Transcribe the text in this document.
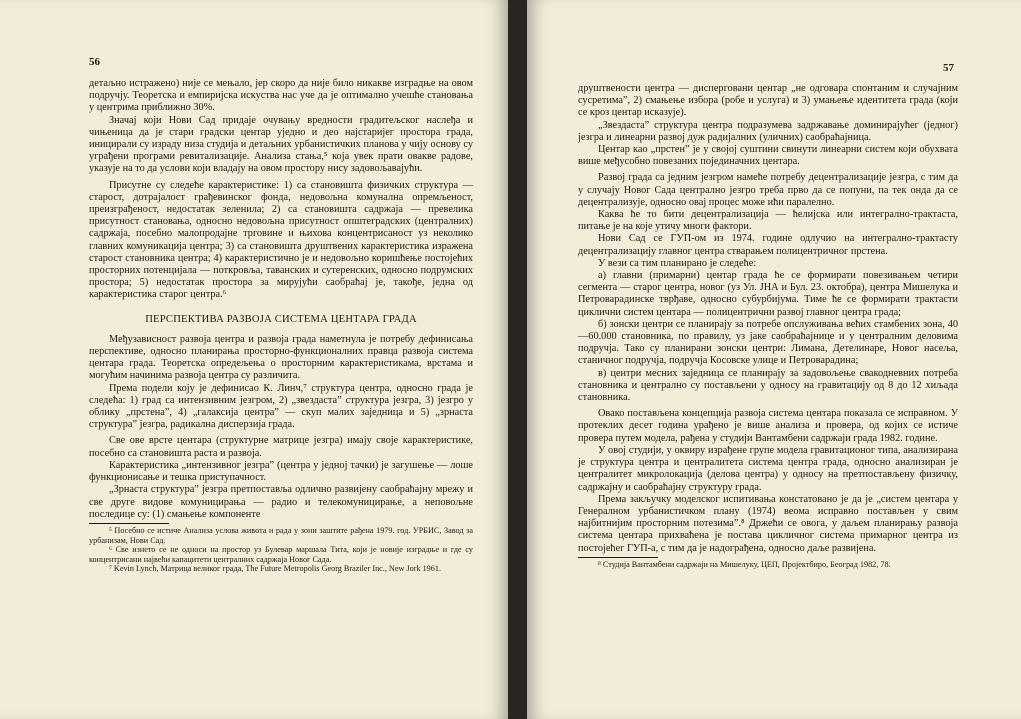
56

детаљно истражено) није се мењало, јер скоро да није било никакве изградње на овом подручју. Теоретска и емпиријска искуства нас уче да је оптимално учешће становања у центрима приближно 30%.

Значај који Нови Сад придаје очувању вредности градитељског наслеђа и чињеница да је стари градски центар уједно и део најстаријег простора града, иницирали су израду низа студија и детаљних урбанистичких планова у чију основу су уграђени програми ревитализације. Анализа стања,⁵ која увек прати овакве радове, указује на то да услови који владају на овом простору нису задовољавајући.

Присутне су следеће карактеристике: 1) са становишта физичких структура — старост, дотрајалост грађевинског фонда, недовољна комунална опремљеност, преизграђеност, недостатак зеленила; 2) са становишта садржаја — превелика присутност становања, односно недовољна присутност општеградских (централних) садржаја, посебно малопродајне трговине и њихова концентрисаност уз неколико главних комуникација центра; 3) са становишта друштвених карактеристика изражена старост становника центра; 4) карактеристично је и недовољно коришћење постојећих просторних потенцијала — поткровља, таванских и сутеренских, односно подрумских простора; 5) недостатак простора за мирујући саобраћај је, такође, једна од карактеристика старог центра.⁶

ПЕРСПЕКТИВА РАЗВОЈА СИСТЕМА ЦЕНТАРА ГРАДА

Међузависност развоја центра и развоја града наметнула је потребу дефинисања перспективе, односно планирања просторно-функционалних правца развоја система центара града. Теоретска опредељења о просторним карактеристикама, врстама и могућим начинима развоја центра су различита.

Према подели коју је дефинисао К. Линч,⁷ структура центра, односно града је следећа: 1) град са интензивним језгром, 2) „звездаста” структура језгра, 3) језгро у облику „прстена”, 4) „галаксија центра” — скуп малих заједница и 5) „зрнаста структура” језгра, радикална дисперзија града.

Све ове врсте центара (структурне матрице језгра) имају своје карактеристике, посебно са становишта раста и развоја.

Карактеристика „интензивног језгра” (центра у једној тачки) је загушење — лоше функционисање и тешка приступачност.

„Зрнаста структура” језгра претпоставља одлично развијену саобраћајну мрежу и све друге видове комуницирања — радио и телекомуницирање, а неповољне последице су: (1) смањење компоненте

⁵ Посебно се истиче Анализа услова живота и рада у зони заштите рађена 1979. год. УРБИС, Завод за урбанизам, Нови Сад.

⁶ Све изнето се не односи на простор уз Булевар маршала Тита, који је новије изградње и где су концентрисани највећи капацитети централних садржаја Новог Сада.

⁷ Kevin Lynch, Матрица великог града, The Future Metropolis Georg Braziler Inc., New Jork 1961.

57

друштвености центра — дисперговани центар „не одговара спонтаним и случајним сусретима”, 2) смањење избора (робе и услуга) и 3) умањење идентитета града (који се кроз центар исказује).

„Звездаста” структура центра подразумева задржавање доминирајућег (једног) језгра и линеарни развој дуж радијалних (уличних) саобраћајница.

Центар као „прстен” је у својој суштини свинути линеарни систем који обухвата више међусобно повезаних појединачних центара.

Развој града са једним језгром намеће потребу децентрализације језгра, с тим да у случају Новог Сада централно језгро треба прво да се попуни, па тек онда да се децентрализује, односно овај процес може ићи паралелно.

Каква ће то бити децентрализација — ћелијска или интегрално-трактаста, питање је на које утичу многи фактори.

Нови Сад се ГУП-ом из 1974. године одлучио на интегрално-трактасту децентрализацију главног центра стварањем полицентричног прстена.

У вези са тим планирано је следеће:

а) главни (примарни) центар града ће се формирати повезивањем четири сегмента — старог центра, новог (уз Ул. ЈНА и Бул. 23. октобра), центра Мишелука и Петроварадинске тврђаве, односно субурбијума. Тиме ће се формирати трактасти циклични систем центара — полицентрични развој главног центра града;

б) зонски центри се планирају за потребе опслуживања већих стамбених зона, 40—60.000 становника, по правилу, уз јаке саобраћајнице и у централним деловима подручја. Тако су планирани зонски центри: Лиманa, Детелинаре, Новог насеља, станичног подручја, подручја Косовске улице и Петроварадина;

в) центри месних заједница се планирају за задовољење свакодневних потреба становника и централно су постављени у односу на гравитацију од 8 до 12 хиљада становника.

Овако постављена концепција развоја система центара показала се исправном. У протеклих десет година урађено је више анализа и провера, од којих се истиче провера путем модела, рађена у студији Вантамбени садржаји града 1982. године.

У овој студији, у оквиру израђене групе модела гравитационог типа, анализирана је структура центра и централитета система центра града, односно анализиран је централитет микролокација (делова центра) у односу на претпостављену физичку, садржајну и саобраћајну структуру града.

Према закључку моделског испитивања констатовано је да је „систем центара у Генералном урбанистичком плану (1974) веома исправно постављен у свим најбитнијим просторним потезима”.⁸ Држећи се овога, у даљем планирању развоја система центара прихваћена је постава цикличног система примарног центра из постојећег ГУП-а, с тим да је надограђена, односно даље развијена.

⁸ Студија Вантамбени садржаји на Мишелуку, ЦЕП, Пројектбиро, Београд 1982, 78.
